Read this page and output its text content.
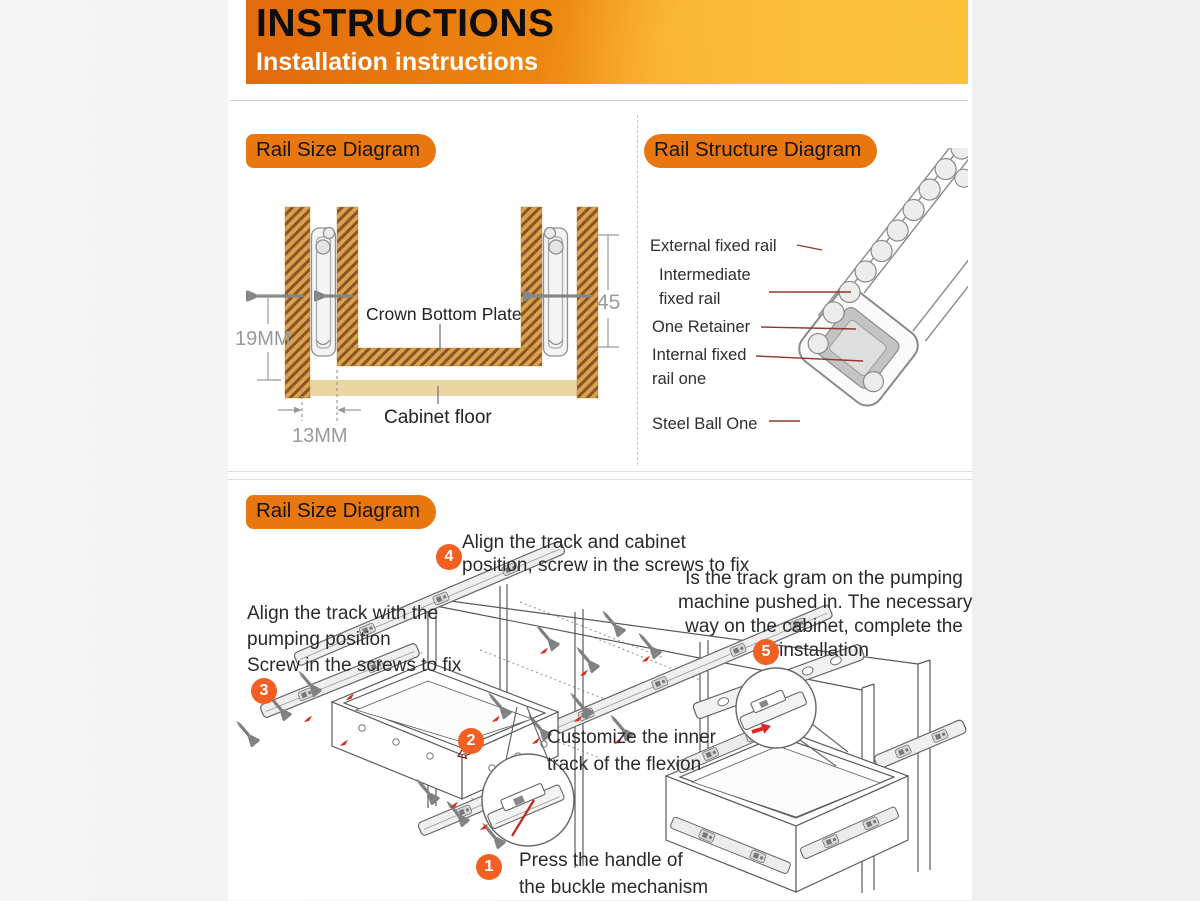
INSTRUCTIONS
Installation instructions
Rail Size Diagram	Rail Structure Diagram
19MM
45
13MM
Crown Bottom Plate
Cabinet floor
External fixed rail
Intermediate
fixed rail
One Retainer
Internal fixed
rail one
Steel Ball One
Rail Size Diagram
4
Align the track and cabinet
position, screw in the screws to fix
Is the track gram on the pumping
machine pushed in. The necessary
way on the cabinet, complete the
installation
5
Align the track with the
pumping position
Screw in the screws to fix
3
2	Customize the inner
track of the flexion
1	Press the handle of
the buckle mechanism
